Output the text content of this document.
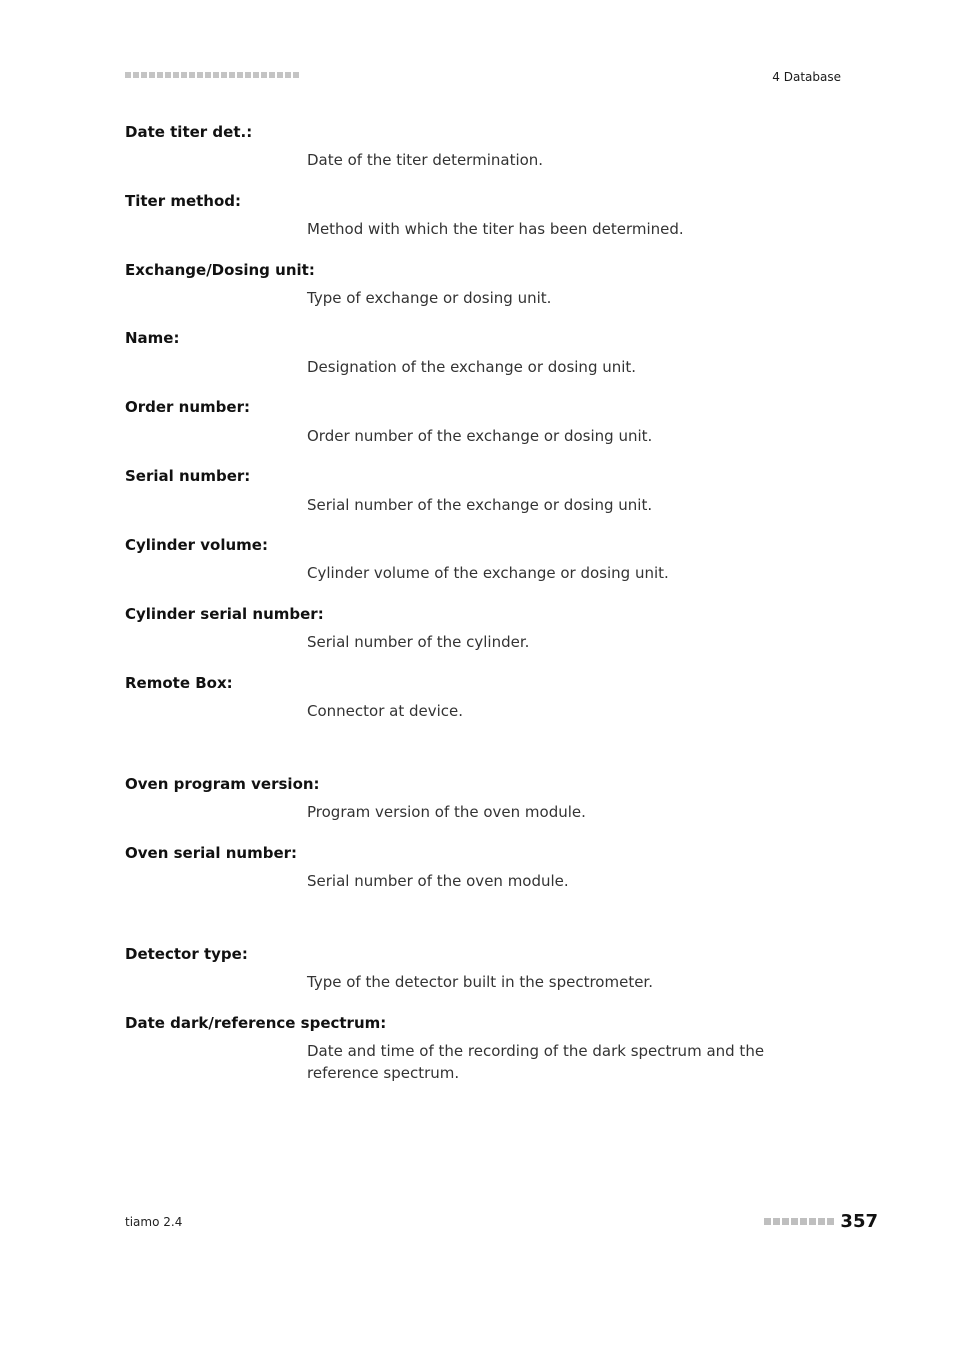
4 Database
Date titer det.:
Date of the titer determination.
Titer method:
Method with which the titer has been determined.
Exchange/Dosing unit:
Type of exchange or dosing unit.
Name:
Designation of the exchange or dosing unit.
Order number:
Order number of the exchange or dosing unit.
Serial number:
Serial number of the exchange or dosing unit.
Cylinder volume:
Cylinder volume of the exchange or dosing unit.
Cylinder serial number:
Serial number of the cylinder.
Remote Box:
Connector at device.
Oven program version:
Program version of the oven module.
Oven serial number:
Serial number of the oven module.
Detector type:
Type of the detector built in the spectrometer.
Date dark/reference spectrum:
Date and time of the recording of the dark spectrum and the reference spectrum.
tiamo 2.4	357
